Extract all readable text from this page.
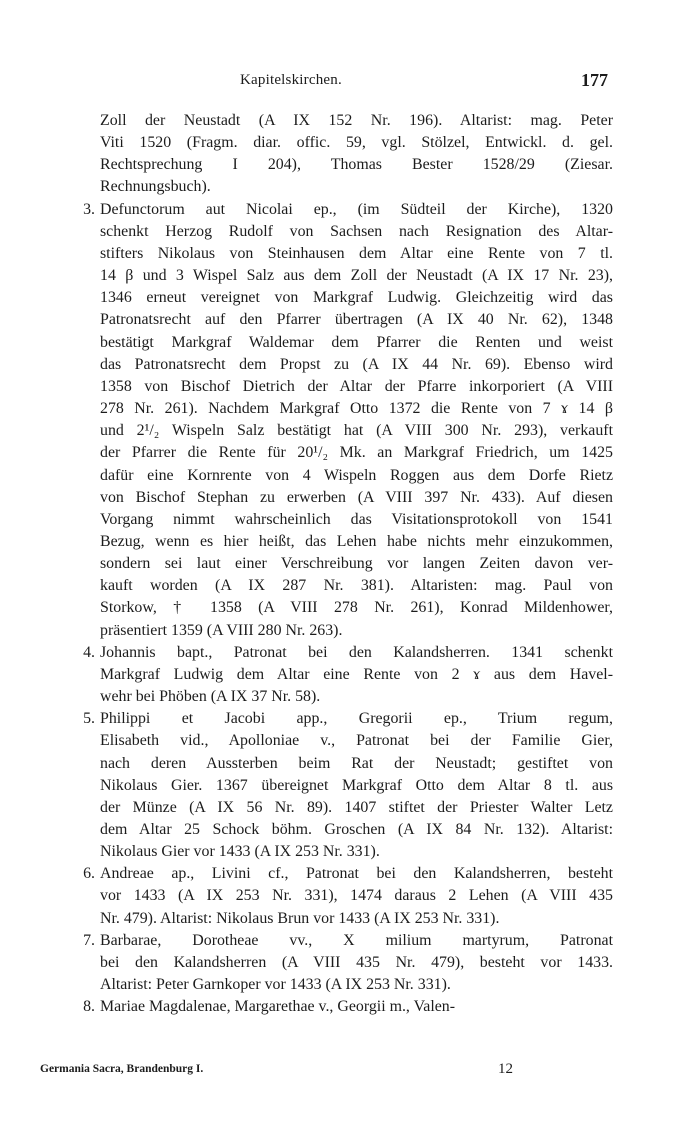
Kapitelskirchen.	177
Zoll der Neustadt (A IX 152 Nr. 196). Altarist: mag. Peter
Viti 1520 (Fragm. diar. offic. 59, vgl. Stölzel, Entwickl. d. gel.
Rechtsprechung I 204), Thomas Bester 1528/29 (Ziesar.
Rechnungsbuch).
3. Defunctorum aut Nicolai ep., (im Südteil der Kirche), 1320
schenkt Herzog Rudolf von Sachsen nach Resignation des Altar-
stifters Nikolaus von Steinhausen dem Altar eine Rente von 7 tl.
14 β und 3 Wispel Salz aus dem Zoll der Neustadt (A IX 17 Nr. 23),
1346 erneut vereignet von Markgraf Ludwig. Gleichzeitig wird das
Patronatsrecht auf den Pfarrer übertragen (A IX 40 Nr. 62), 1348
bestätigt Markgraf Waldemar dem Pfarrer die Renten und weist
das Patronatsrecht dem Propst zu (A IX 44 Nr. 69). Ebenso wird
1358 von Bischof Dietrich der Altar der Pfarre inkorporiert (A VIII
278 Nr. 261). Nachdem Markgraf Otto 1372 die Rente von 7 ɤ 14 β
und 2¹/₂ Wispeln Salz bestätigt hat (A VIII 300 Nr. 293), verkauft
der Pfarrer die Rente für 20¹/₂ Mk. an Markgraf Friedrich, um 1425
dafür eine Kornrente von 4 Wispeln Roggen aus dem Dorfe Rietz
von Bischof Stephan zu erwerben (A VIII 397 Nr. 433). Auf diesen
Vorgang nimmt wahrscheinlich das Visitationsprotokoll von 1541
Bezug, wenn es hier heißt, das Lehen habe nichts mehr einzukommen,
sondern sei laut einer Verschreibung vor langen Zeiten davon ver-
kauft worden (A IX 287 Nr. 381). Altaristen: mag. Paul von
Storkow, † 1358 (A VIII 278 Nr. 261), Konrad Mildenhower,
präsentiert 1359 (A VIII 280 Nr. 263).
4. Johannis bapt., Patronat bei den Kalandsherren. 1341 schenkt
Markgraf Ludwig dem Altar eine Rente von 2 ɤ aus dem Havel-
wehr bei Phöben (A IX 37 Nr. 58).
5. Philippi et Jacobi app., Gregorii ep., Trium regum,
Elisabeth vid., Apolloniae v., Patronat bei der Familie Gier,
nach deren Aussterben beim Rat der Neustadt; gestiftet von
Nikolaus Gier. 1367 übereignet Markgraf Otto dem Altar 8 tl. aus
der Münze (A IX 56 Nr. 89). 1407 stiftet der Priester Walter Letz
dem Altar 25 Schock böhm. Groschen (A IX 84 Nr. 132). Altarist:
Nikolaus Gier vor 1433 (A IX 253 Nr. 331).
6. Andreae ap., Livini cf., Patronat bei den Kalandsherren, besteht
vor 1433 (A IX 253 Nr. 331), 1474 daraus 2 Lehen (A VIII 435
Nr. 479). Altarist: Nikolaus Brun vor 1433 (A IX 253 Nr. 331).
7. Barbarae, Dorotheae vv., X milium martyrum, Patronat
bei den Kalandsherren (A VIII 435 Nr. 479), besteht vor 1433.
Altarist: Peter Garnkoper vor 1433 (A IX 253 Nr. 331).
8. Mariae Magdalenae, Margarethae v., Georgii m., Valen-
Germania Sacra, Brandenburg I.	12
